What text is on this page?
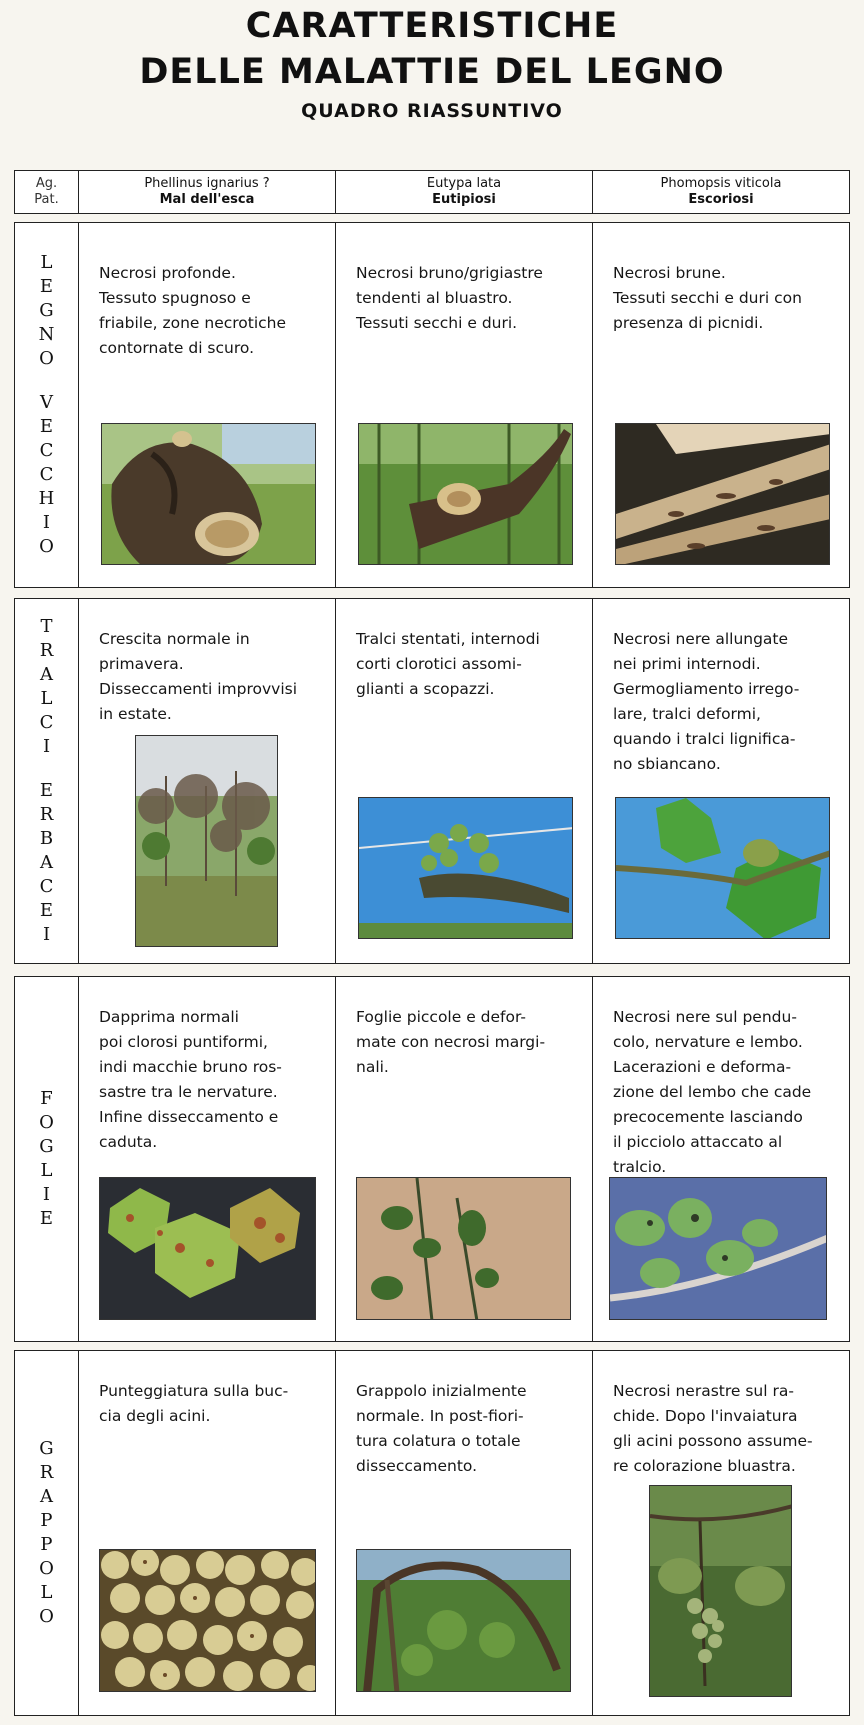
CARATTERISTICHE
DELLE MALATTIE DEL LEGNO
QUADRO RIASSUNTIVO
Ag.
Pat.
Phellinus ignarius ?
Mal dell'esca
Eutypa lata
Eutipiosi
Phomopsis viticola
Escoriosi
L
E
G
N
O
V
E
C
C
H
I
O
Necrosi profonde.
Tessuto spugnoso e
friabile, zone necrotiche
contornate di scuro.
Necrosi bruno/grigiastre
tendenti al bluastro.
Tessuti secchi e duri.
Necrosi brune.
Tessuti secchi e duri con
presenza di picnidi.
T
R
A
L
C
I
E
R
B
A
C
E
I
Crescita normale in
primavera.
Disseccamenti improvvisi
in estate.
Tralci stentati, internodi
corti clorotici assomi-
glianti a scopazzi.
Necrosi nere allungate
nei primi internodi.
Germogliamento irrego-
lare, tralci deformi,
quando i tralci lignifica-
no sbiancano.
F
O
G
L
I
E
Dapprima normali
poi clorosi puntiformi,
indi macchie bruno ros-
sastre tra le nervature.
Infine disseccamento e
caduta.
Foglie piccole e defor-
mate con necrosi margi-
nali.
Necrosi nere sul pendu-
colo, nervature e lembo.
Lacerazioni e deforma-
zione del lembo che cade
precocemente lasciando
il picciolo attaccato al
tralcio.
G
R
A
P
P
O
L
O
Punteggiatura sulla buc-
cia degli acini.
Grappolo inizialmente
normale. In post-fiori-
tura colatura o totale
disseccamento.
Necrosi nerastre sul ra-
chide. Dopo l'invaiatura
gli acini possono assume-
re colorazione bluastra.
